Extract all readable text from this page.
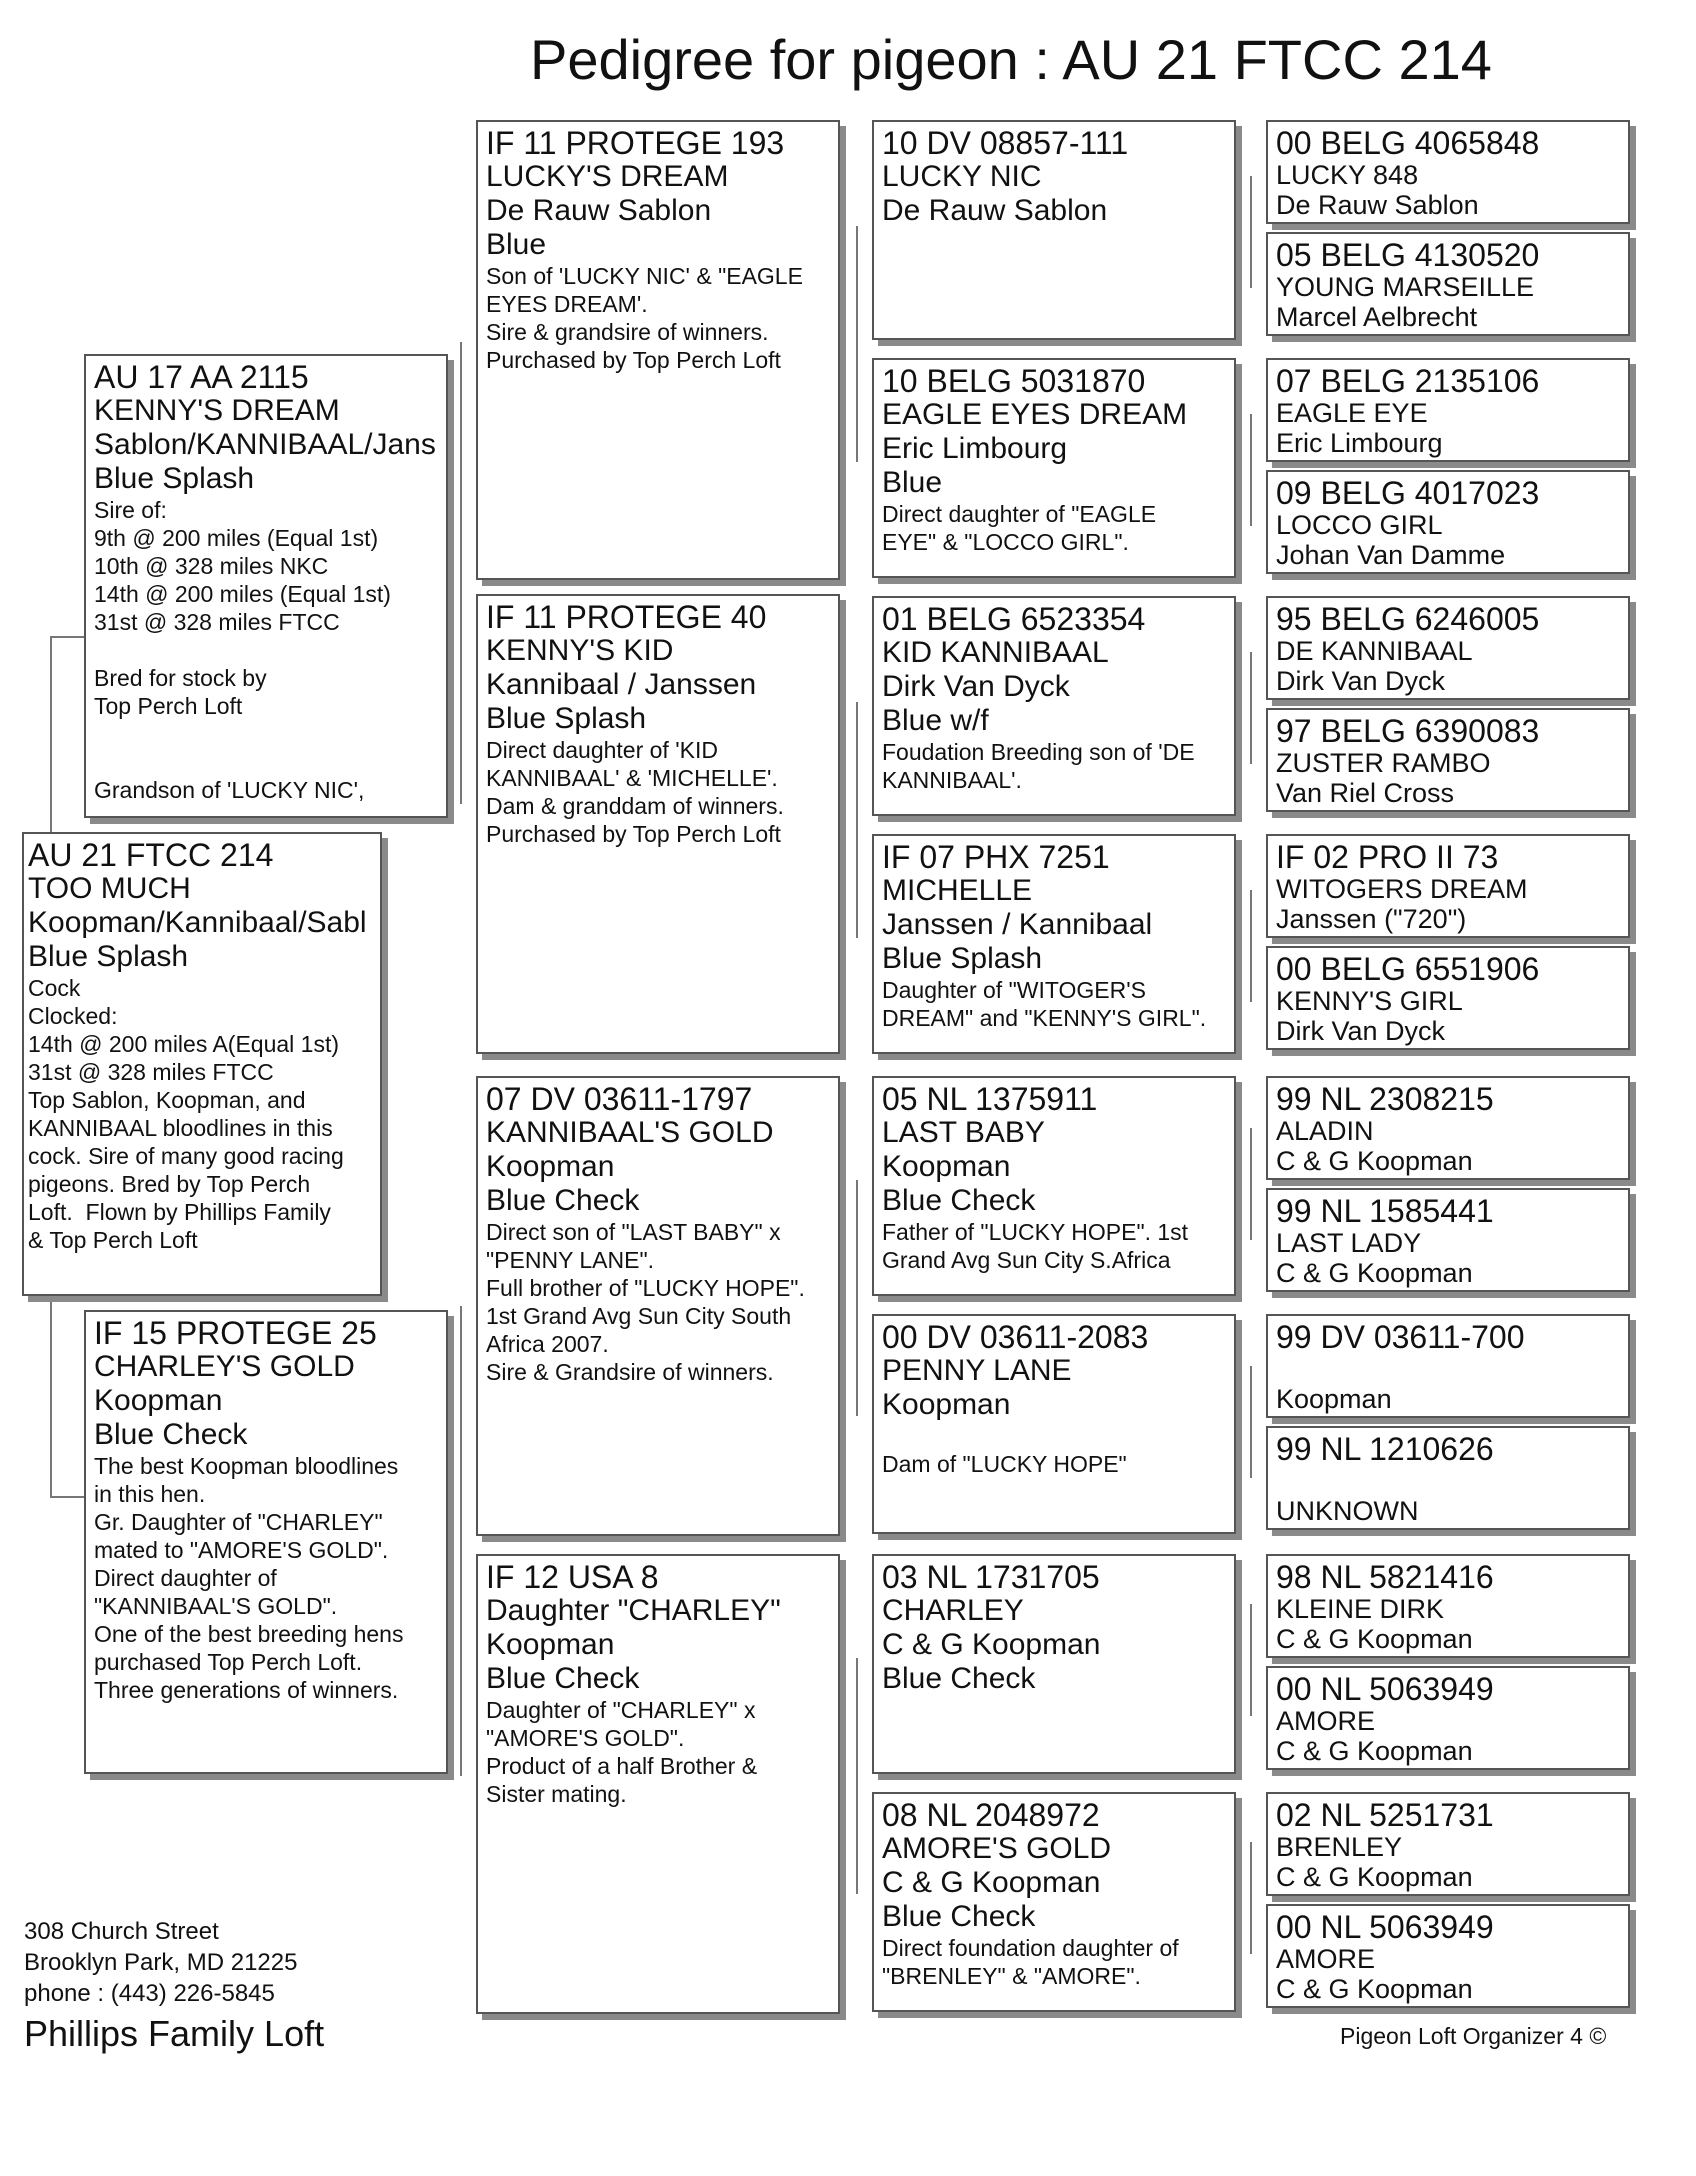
Pedigree for pigeon : AU 21 FTCC 214
AU 21 FTCC 214
TOO MUCH
Koopman/Kannibaal/Sabl
Blue Splash
Cock
Clocked:
14th @ 200 miles A(Equal 1st)
31st @ 328 miles FTCC
Top Sablon, Koopman, and
KANNIBAAL bloodlines in this
cock. Sire of many good racing
pigeons. Bred by Top Perch
Loft.  Flown by Phillips Family
& Top Perch Loft
AU 17 AA 2115
KENNY'S DREAM
Sablon/KANNIBAAL/Jans
Blue Splash
Sire of:
9th @ 200 miles (Equal 1st)
10th @ 328 miles NKC
14th @ 200 miles (Equal 1st)
31st @ 328 miles FTCC

Bred for stock by
Top Perch Loft

Grandson of 'LUCKY NIC',
IF 15 PROTEGE 25
CHARLEY'S GOLD
Koopman
Blue Check
The best Koopman bloodlines
in this hen.
Gr. Daughter of "CHARLEY"
mated to "AMORE'S GOLD".
Direct daughter of
"KANNIBAAL'S GOLD".
One of the best breeding hens
purchased Top Perch Loft.
Three generations of winners.
IF 11 PROTEGE 193
LUCKY'S DREAM
De Rauw Sablon
Blue
Son of 'LUCKY NIC' & "EAGLE
EYES DREAM'.
Sire & grandsire of winners.
Purchased by Top Perch Loft
IF 11 PROTEGE 40
KENNY'S KID
Kannibaal / Janssen
Blue Splash
Direct daughter of 'KID
KANNIBAAL' & 'MICHELLE'.
Dam & granddam of winners.
Purchased by Top Perch Loft
07 DV 03611-1797
KANNIBAAL'S GOLD
Koopman
Blue Check
Direct son of "LAST BABY" x
"PENNY LANE".
Full brother of "LUCKY HOPE".
1st Grand Avg Sun City South
Africa 2007.
Sire & Grandsire of winners.
IF 12 USA 8
Daughter "CHARLEY"
Koopman
Blue Check
Daughter of "CHARLEY" x
"AMORE'S GOLD".
Product of a half Brother &
Sister mating.
10 DV 08857-111
LUCKY NIC
De Rauw Sablon
10 BELG 5031870
EAGLE EYES DREAM
Eric Limbourg
Blue
Direct daughter of "EAGLE
EYE" & "LOCCO GIRL".
01 BELG 6523354
KID KANNIBAAL
Dirk Van Dyck
Blue w/f
Foudation Breeding son of 'DE
KANNIBAAL'.
IF 07 PHX 7251
MICHELLE
Janssen / Kannibaal
Blue Splash
Daughter of "WITOGER'S
DREAM" and "KENNY'S GIRL".
05 NL 1375911
LAST BABY
Koopman
Blue Check
Father of "LUCKY HOPE". 1st
Grand Avg Sun City S.Africa
00 DV 03611-2083
PENNY LANE
Koopman

Dam of "LUCKY HOPE"
03 NL 1731705
CHARLEY
C & G Koopman
Blue Check
08 NL 2048972
AMORE'S GOLD
C & G Koopman
Blue Check
Direct foundation daughter of
"BRENLEY" & "AMORE".
00 BELG 4065848
LUCKY 848
De Rauw Sablon
05 BELG 4130520
YOUNG MARSEILLE
Marcel Aelbrecht
07 BELG 2135106
EAGLE EYE
Eric Limbourg
09 BELG 4017023
LOCCO GIRL
Johan Van Damme
95 BELG 6246005
DE KANNIBAAL
Dirk Van Dyck
97 BELG 6390083
ZUSTER RAMBO
Van Riel Cross
IF 02 PRO II 73
WITOGERS DREAM
Janssen ("720")
00 BELG 6551906
KENNY'S GIRL
Dirk Van Dyck
99 NL 2308215
ALADIN
C & G Koopman
99 NL 1585441
LAST LADY
C & G Koopman
99 DV 03611-700
Koopman
99 NL 1210626
UNKNOWN
98 NL 5821416
KLEINE DIRK
C & G Koopman
00 NL 5063949
AMORE
C & G Koopman
02 NL 5251731
BRENLEY
C & G Koopman
00 NL 5063949
AMORE
C & G Koopman
308 Church Street
Brooklyn Park, MD 21225
phone : (443) 226-5845
Phillips Family Loft	Pigeon Loft Organizer 4 ©
